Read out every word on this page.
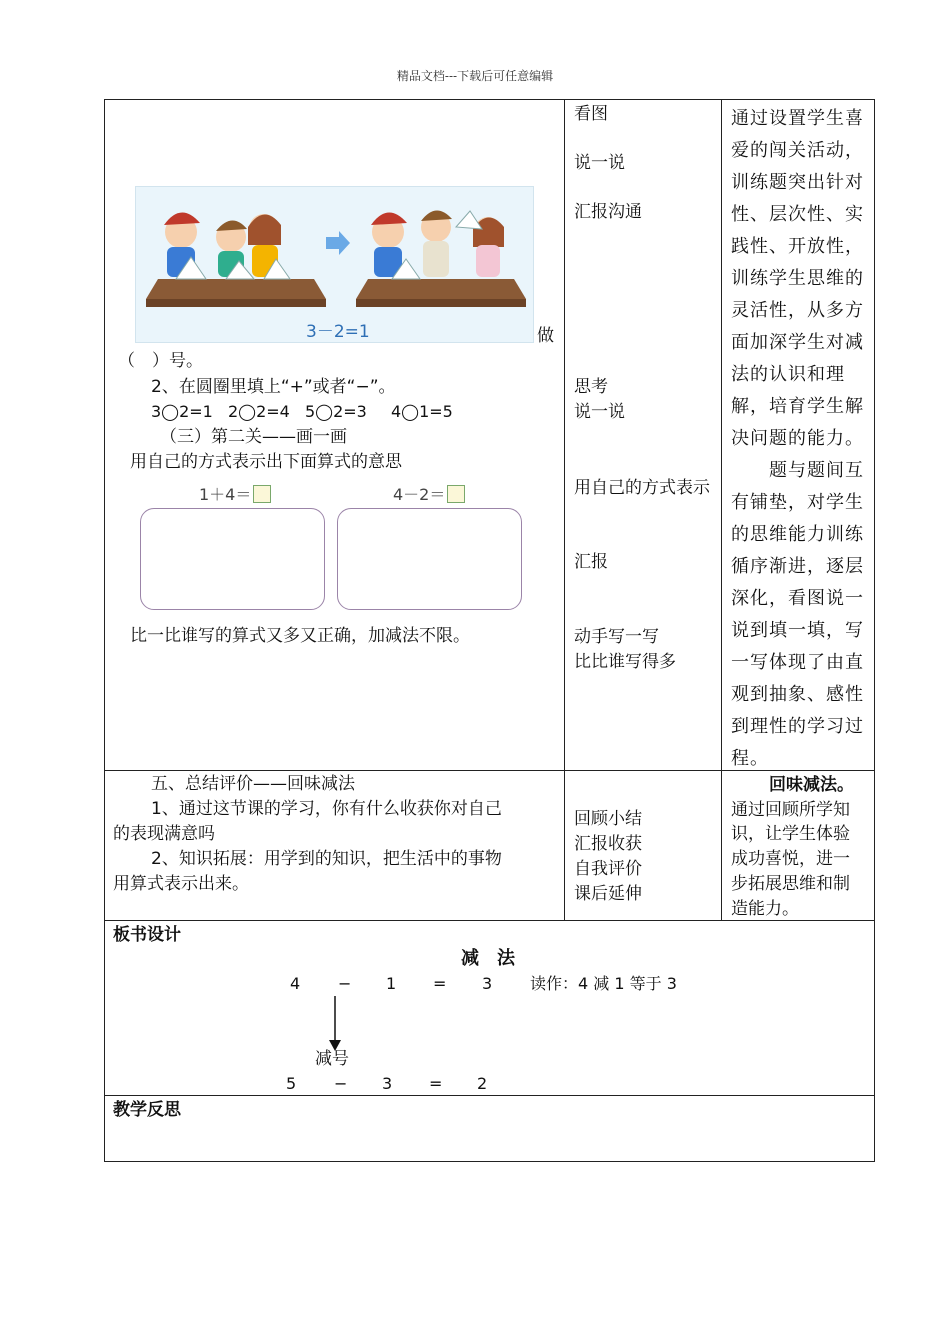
精品文档---下载后可任意编辑
3－2=1	做
（　）号。
2、在圆圈里填上“+”或者“−”。
3◯2=1 2◯2=4 5◯2=3 4◯1=5
（三）第二关——画一画
用自己的方式表示出下面算式的意思
1＋4＝	4－2＝
比一比谁写的算式又多又正确，加减法不限。
看图
说一说
汇报沟通
思考
说一说
用自己的方式表示
汇报
动手写一写
比比谁写得多

通过设置学生喜

爱的闯关活动，

训练题突出针对

性、层次性、实

践性、开放性，

训练学生思维的

灵活性，从多方

面加深学生对减

法的认识和理

解，培育学生解

决问题的能力。

　　题与题间互

有铺垫，对学生

的思维能力训练

循序渐进，逐层

深化，看图说一

说到填一填，写

一写体现了由直

观到抽象、感性

到理性的学习过

程。

五、总结评价——回味减法
1、通过这节课的学习，你有什么收获你对自己
的表现满意吗
2、知识拓展：用学到的知识，把生活中的事物
用算式表示出来。
回顾小结
汇报收获
自我评价
课后延伸

回味减法。

通过回顾所学知

识，让学生体验

成功喜悦，进一

步拓展思维和制

造能力。

板书设计
减　法
4 − 1 = 3 读作：4 减 1 等于 3
减号
5 − 3 = 2
教学反思
